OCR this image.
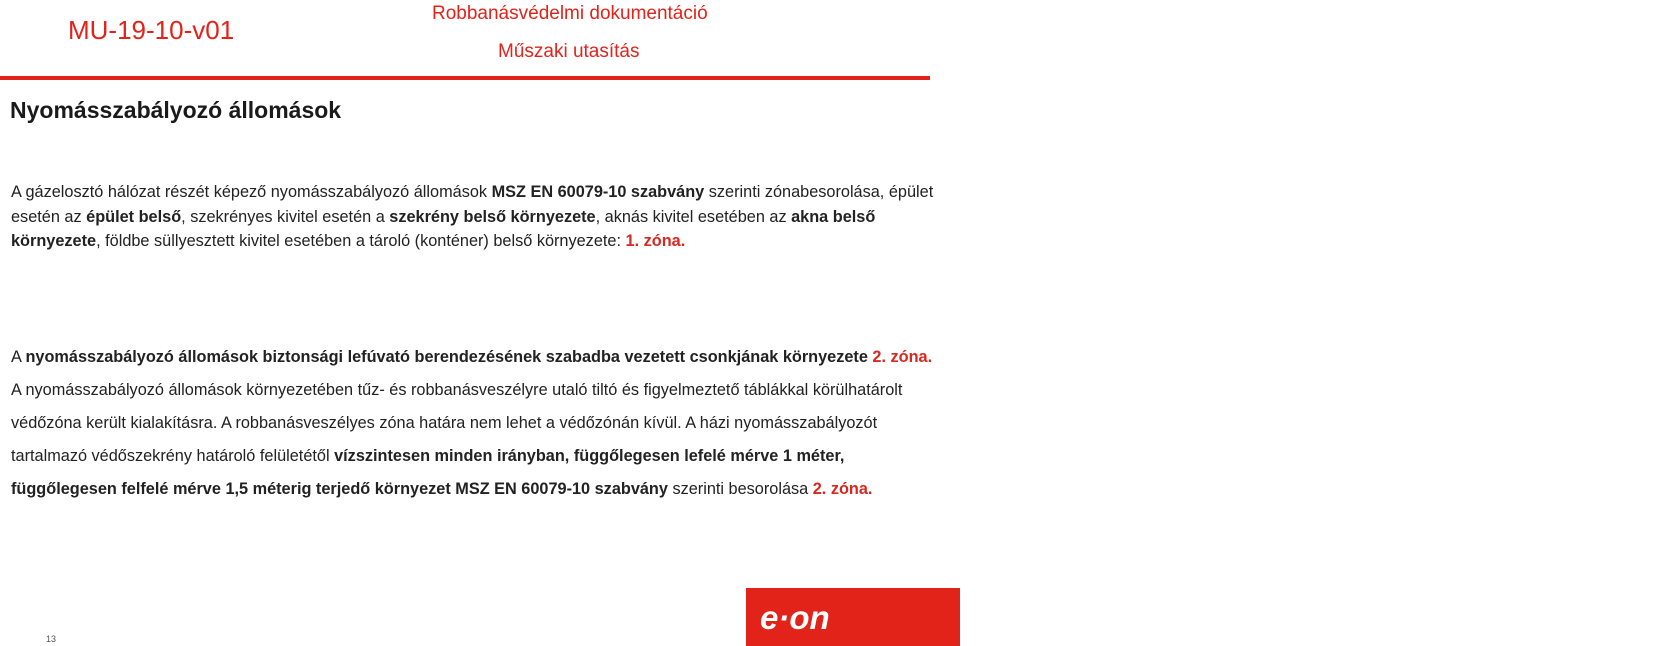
MU-19-10-v01
Robbanásvédelmi dokumentáció
Műszaki utasítás
Nyomásszabályozó állomások

A gázelosztó hálózat részét képező nyomásszabályozó állomások MSZ EN 60079-10 szabvány szerinti zónabesorolása, épület esetén az épület belső, szekrényes kivitel esetén a szekrény belső környezete, aknás kivitel esetében az akna belső környezete, földbe süllyesztett kivitel esetében a tároló (konténer) belső környezete: 1. zóna.

A nyomásszabályozó állomások biztonsági lefúvató berendezésének szabadba vezetett csonkjának környezete 2. zóna. A nyomásszabályozó állomások környezetében tűz- és robbanásveszélyre utaló tiltó és figyelmeztető táblákkal körülhatárolt védőzóna került kialakításra. A robbanásveszélyes zóna határa nem lehet a védőzónán kívül. A házi nyomásszabályozót tartalmazó védőszekrény határoló felületétől vízszintesen minden irányban, függőlegesen lefelé mérve 1 méter, függőlegesen felfelé mérve 1,5 méterig terjedő környezet MSZ EN 60079-10 szabvány szerinti besorolása 2. zóna.

13
e·on	Hálózat
